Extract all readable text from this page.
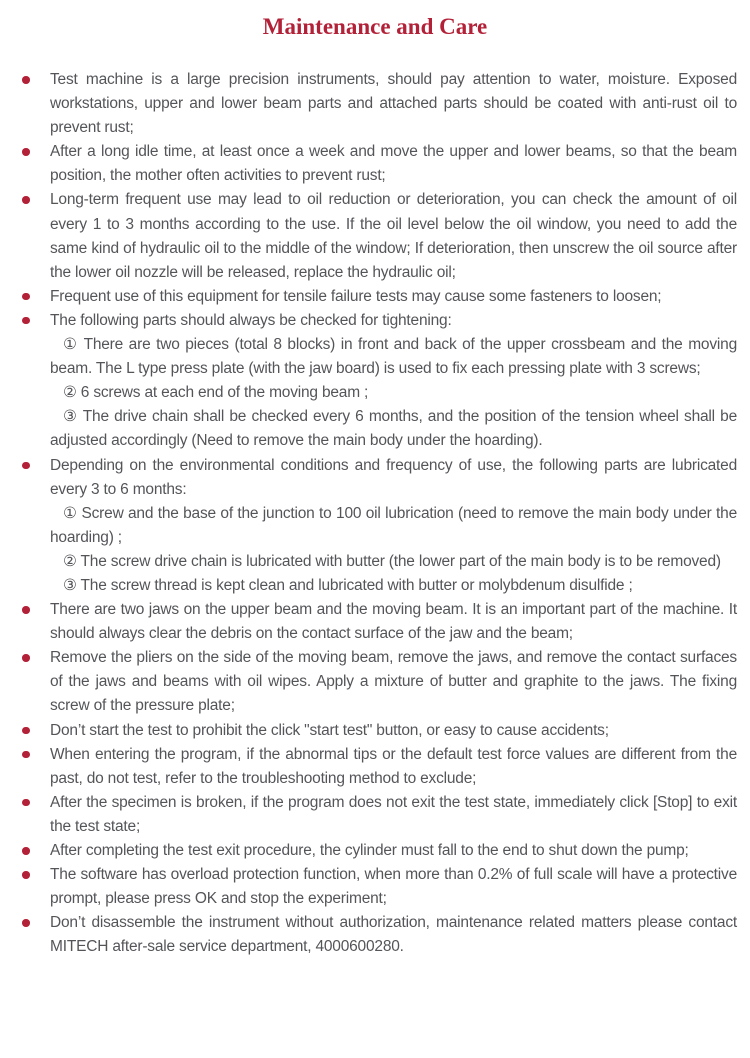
Maintenance and Care

Test machine is a large precision instruments, should pay attention to water, moisture. Exposed workstations, upper and lower beam parts and attached parts should be coated with anti-rust oil to prevent rust;

After a long idle time, at least once a week and move the upper and lower beams, so that the beam position, the mother often activities to prevent rust;

Long-term frequent use may lead to oil reduction or deterioration, you can check the amount of oil every 1 to 3 months according to the use. If the oil level below the oil window, you need to add the same kind of hydraulic oil to the middle of the window; If deterioration, then unscrew the oil source after the lower oil nozzle will be released, replace the hydraulic oil;

Frequent use of this equipment for tensile failure tests may cause some fasteners to loosen;

The following parts should always be checked for tightening:

① There are two pieces (total 8 blocks) in front and back of the upper crossbeam and the moving beam. The L type press plate (with the jaw board) is used to fix each pressing plate with 3 screws;

② 6 screws at each end of the moving beam ;

③ The drive chain shall be checked every 6 months, and the position of the tension wheel shall be adjusted accordingly (Need to remove the main body under the hoarding).

Depending on the environmental conditions and frequency of use, the following parts are lubricated every 3 to 6 months:

① Screw and the base of the junction to 100 oil lubrication (need to remove the main body under the hoarding) ;

② The screw drive chain is lubricated with butter (the lower part of the main body is to be removed)

③ The screw thread is kept clean and lubricated with butter or molybdenum disulfide ;

There are two jaws on the upper beam and the moving beam. It is an important part of the machine. It should always clear the debris on the contact surface of the jaw and the beam;

Remove the pliers on the side of the moving beam, remove the jaws, and remove the contact surfaces of the jaws and beams with oil wipes. Apply a mixture of butter and graphite to the jaws. The fixing screw of the pressure plate;

Don’t start the test to prohibit the click "start test" button, or easy to cause accidents;

When entering the program, if the abnormal tips or the default test force values are different from the past, do not test, refer to the troubleshooting method to exclude;

After the specimen is broken, if the program does not exit the test state, immediately click [Stop] to exit the test state;

After completing the test exit procedure, the cylinder must fall to the end to shut down the pump;

The software has overload protection function, when more than 0.2% of full scale will have a protective prompt, please press OK and stop the experiment;

Don’t disassemble the instrument without authorization, maintenance related matters please contact MITECH after-sale service department, 4000600280.
